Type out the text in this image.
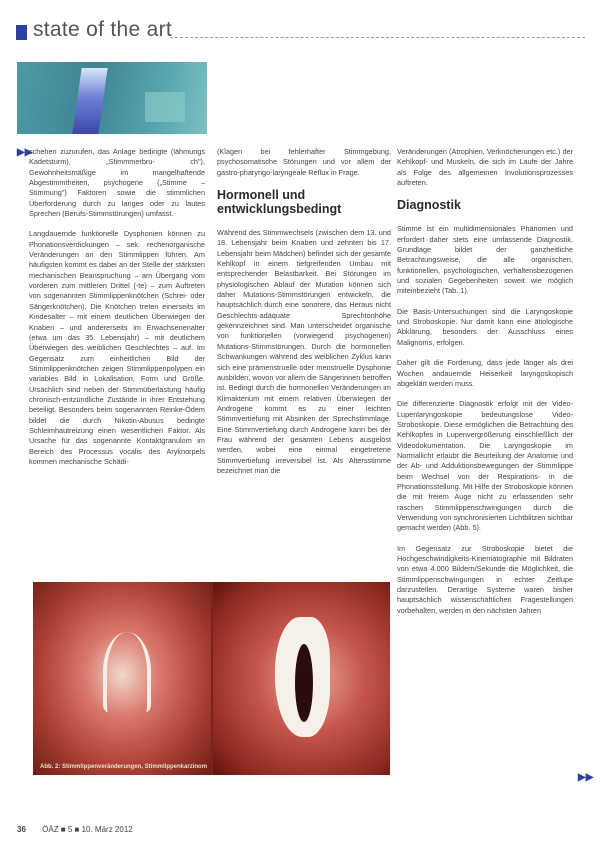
state of the art
▶▶

schehen zuzurufen, das Anlage bedingte (lähmungs Kadetsturm), „Stimmmerbru- ch"), Gewohnheitsmäßige im mangelhaftende Abgestimmtheiten, psychogene („Stimme – Stimmung") Faktoren sowie die stimmlichen Überforderung durch zu langes oder zu lautes Sprechen (Berufs-Stimmstörungen) umfasst.

Langdauernde funktionelle Dysphonien können zu Phonationsverdickungen – sek. rechenorganische Veränderungen an den Stimmlippen führen. Am häufigsten kommt es dabei an der Stelle der stärksten mechanischen Beanspruchung – am Übergang vom vorderen zum mittleren Drittel (-te) – zum Auftreten von sogenannten Stimmlippenknötchen (Schrei- oder Sängerknötchen). Die Knötchen treten einerseits im Kindesalter – mit einem deutlichen Überwiegen der Knaben – und andererseits im Erwachsenenalter (etwa um das 35. Lebensjahr) – mit deutlichem Überwiegen des weiblichen Geschlechtes – auf. Im Gegensatz zum einheitlichen Bild der Stimmlippenknötchen zeigen Stimmlippenpolypen ein variables Bild in Lokalisation, Form und Größe. Ursächlich sind neben der Stimmüberlastung häufig chronisch-entzündliche Zustände in ihrer Entstehung beteiligt. Besonders beim sogenannten Reinke-Ödem bildet die durch Nikotin-Abusus bedingte Schleimhautreizung einen wesentlichen Faktor. Als Ursache für das sogenannte Kontaktgranulom im Bereich des Processus vocalis des Aryknorpels kommen mechanische Schädi-

(Klagen bei fehlerhafter Stimmgebung, psychosomatische Störungen und vor allem der gastro-pharyngo-laryngeale Reflux in Frage.

Hormonell und entwicklungsbedingt

Während des Stimmwechsels (zwischen dem 13. und 18. Lebensjahr beim Knaben und zehnten bis 17. Lebensjahr beim Mädchen) befindet sich der gesamte Kehlkopf in einem tiefgreifenden Umbau mit entsprechender Belastbarkeit. Bei Störungen im physiologischen Ablauf der Mutation können sich daher Mutations-Stimmstörungen entwickeln, die hauptsächlich durch eine sonorere, das Heraus nicht Geschlechts-adäquate Sprechtonhöhe gekennzeichnet sind. Man unterscheidet organische von funktionellen (vorwiegend psychogenen) Mutations-Stimmstörungen. Durch die hormonellen Schwankungen während des weiblichen Zyklus kann sich eine prämenstruelle oder menstruelle Dysphonie ausbilden, wovon vor allem die Sängerinnen betroffen ist. Bedingt durch die hormonellen Veränderungen im Klimakterium mit einem relativen Überwiegen der Androgene kommt es zu einer leichten Stimmvertiefung mit Absinken der Sprechstimmlage. Eine Stimmvertiefung durch Androgene kann bei der Frau während der gesamten Lebens ausgelöst werden, wobei eine einmal eingetretene Stimmvertiefung irreversibel ist. Als Altersstimme bezeichnet man die

Veränderungen (Atrophien, Verknöcherungen etc.) der Kehlkopf- und Muskeln, die sich im Laufe der Jahre als Folge des allgemeinen Involutionsprozesses auftreten.

Diagnostik

Stimme ist ein multidimensionales Phänomen und erfordert daher stets eine umfassende Diagnostik. Grundlage bildet der ganzheitliche Betrachtungsweise, die alle organischen, funktionellen, psychologischen, verhaltensbezogenen und sozialen Gegebenheiten soweit wie möglich miteinbezieht (Tab. 1).

Die Basis-Untersuchungen sind die Laryngoskopie und Stroboskopie. Nur damit kann eine ätiologische Abklärung, besonders der Ausschluss eines Malignoms, erfolgen.

Daher gilt die Forderung, dass jede länger als drei Wochen andauernde Heiserkeit laryngoskopisch abgeklärt werden muss.

Die differenzierte Diagnostik erfolgt mit der Video-Lupenlaryngoskopie bedeutungslose Video-Stroboskopie. Diese ermöglichen die Betrachtung des Kehlkopfes in Lupenvergrößerung einschließlich der Videodokumentation. Die Laryngoskopie im Normallicht erlaubt die Beurteilung der Anatomie und der Ab- und Adduktionsbewegungen der Stimmlippe beim Wechsel von der Respirations- in die Phonationsstellung. Mit Hilfe der Stroboskopie können die mit freiem Auge nicht zu erfassenden sehr raschen Stimmlippenschwingungen durch die Verwendung von synchronisierten Lichtblitzen sichtbar gemacht werden (Abb. 5).

Im Gegensatz zur Stroboskopie bietet die Hochgeschwindigkeits-Kinematographie mit Bildraten von etwa 4.000 Bildern/Sekunde die Möglichkeit, die Stimmlippenschwingungen in echter Zeitlupe darzustellen. Derartige Systeme waren bisher hauptsächlich wissenschaftlichen Fragestellungen vorbehalten, werden in den nächsten Jahren

Abb. 2: Stimmlippenveränderungen, Stimmlippenkarzinom
▶▶
36 ÖÄZ ■ 5 ■ 10. März 2012
